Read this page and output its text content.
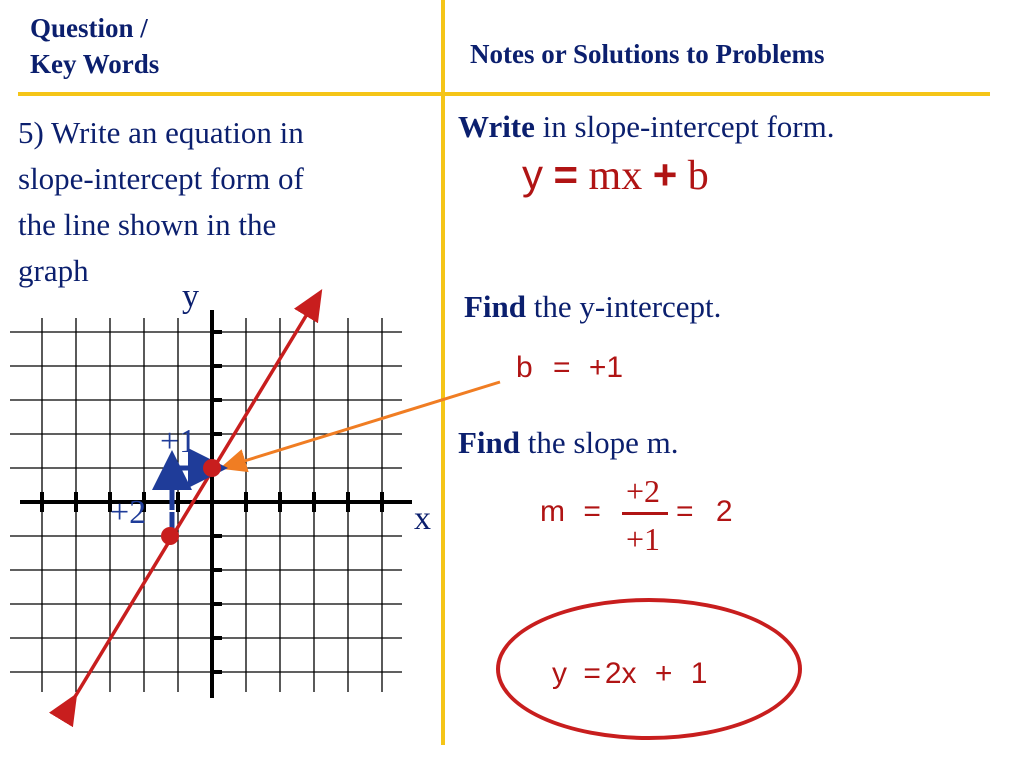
Question /
Key Words	Notes or Solutions to Problems
5) Write an equation in
slope-intercept form of
the line shown in the
graph
Write in slope-intercept form.
y = mx + b
Find the y-intercept.
b = +1
Find the slope m.
m =
+2
+1
= 2
y = 2x + 1
y
x
+1
+2
